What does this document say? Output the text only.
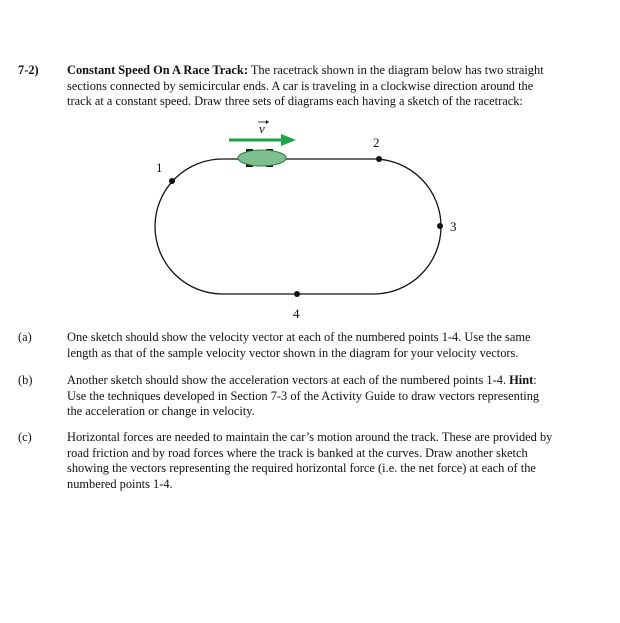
7-2) Constant Speed On A Race Track: The racetrack shown in the diagram below has two straight
sections connected by semicircular ends. A car is traveling in a clockwise direction around the
track at a constant speed. Draw three sets of diagrams each having a sketch of the racetrack:
v
1
2
3
4
(a)	One sketch should show the velocity vector at each of the numbered points 1-4. Use the same
length as that of the sample velocity vector shown in the diagram for your velocity vectors.
(b)	Another sketch should show the acceleration vectors at each of the numbered points 1-4. Hint:
Use the techniques developed in Section 7-3 of the Activity Guide to draw vectors representing
the acceleration or change in velocity.
(c)	Horizontal forces are needed to maintain the car’s motion around the track. These are provided by
road friction and by road forces where the track is banked at the curves. Draw another sketch
showing the vectors representing the required horizontal force (i.e. the net force) at each of the
numbered points 1-4.
